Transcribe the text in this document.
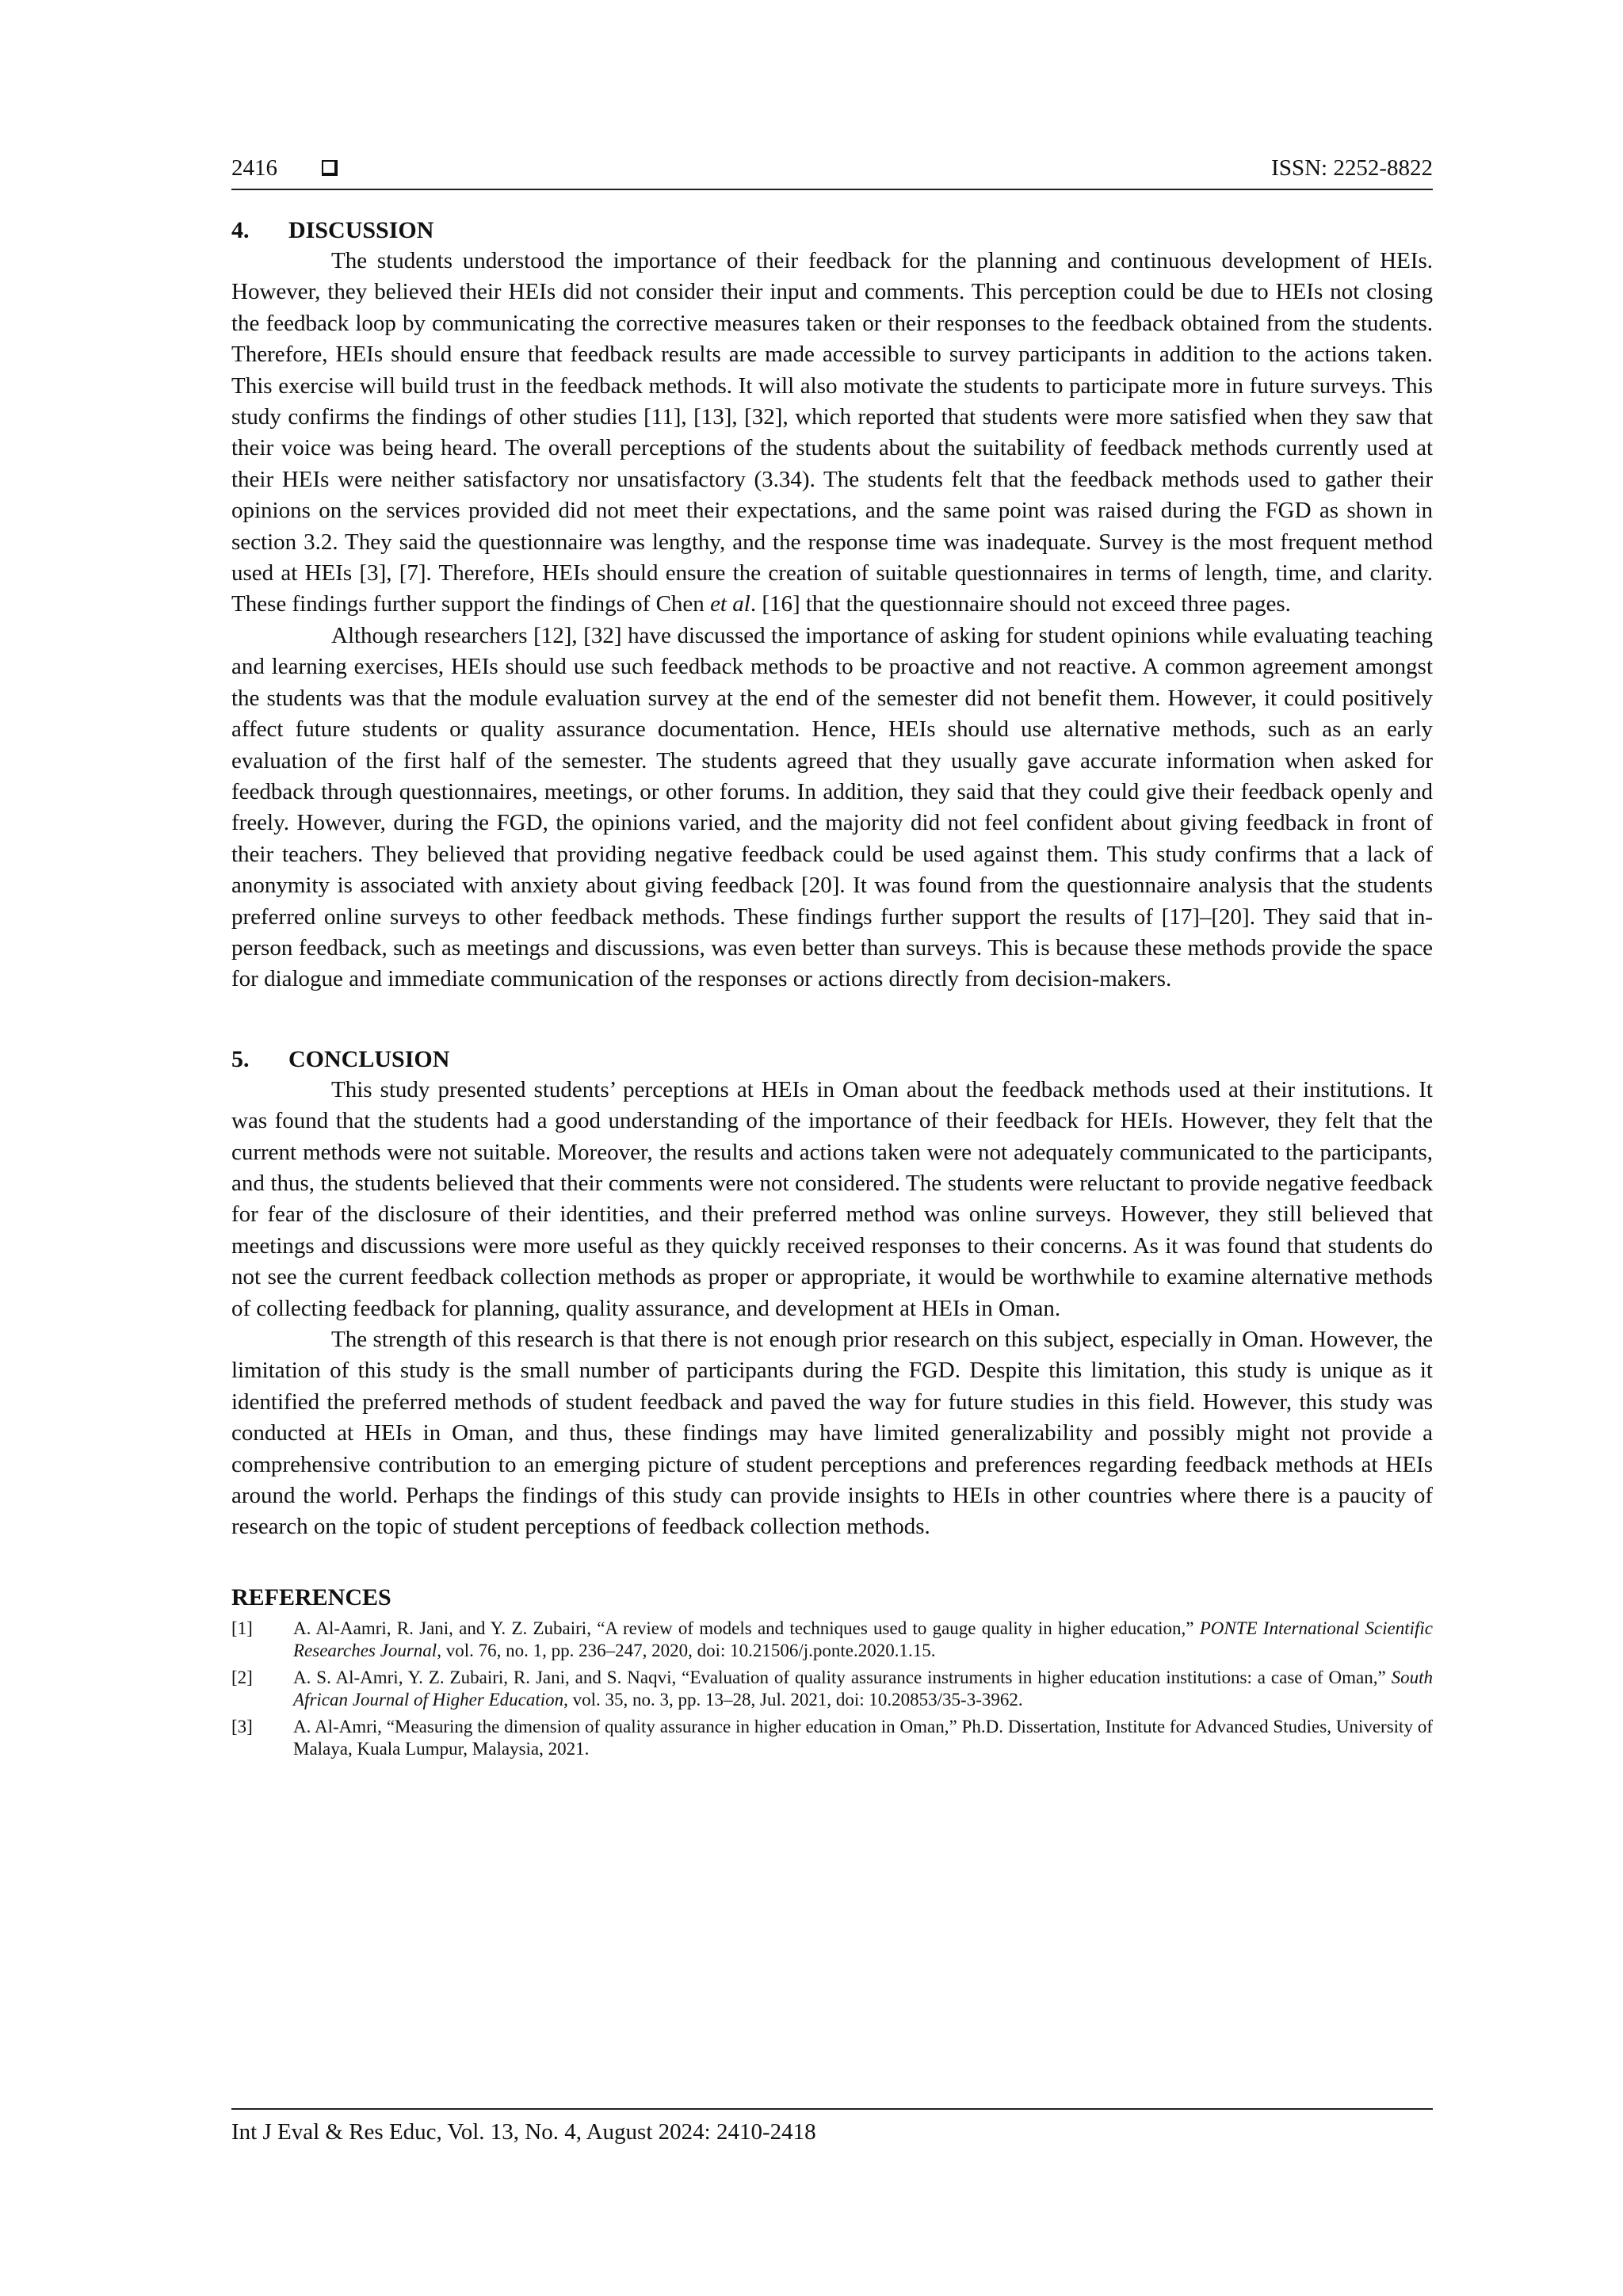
2416	ISSN: 2252-8822
4. DISCUSSION

The students understood the importance of their feedback for the planning and continuous development of HEIs. However, they believed their HEIs did not consider their input and comments. This perception could be due to HEIs not closing the feedback loop by communicating the corrective measures taken or their responses to the feedback obtained from the students. Therefore, HEIs should ensure that feedback results are made accessible to survey participants in addition to the actions taken. This exercise will build trust in the feedback methods. It will also motivate the students to participate more in future surveys. This study confirms the findings of other studies [11], [13], [32], which reported that students were more satisfied when they saw that their voice was being heard. The overall perceptions of the students about the suitability of feedback methods currently used at their HEIs were neither satisfactory nor unsatisfactory (3.34). The students felt that the feedback methods used to gather their opinions on the services provided did not meet their expectations, and the same point was raised during the FGD as shown in section 3.2. They said the questionnaire was lengthy, and the response time was inadequate. Survey is the most frequent method used at HEIs [3], [7]. Therefore, HEIs should ensure the creation of suitable questionnaires in terms of length, time, and clarity. These findings further support the findings of Chen et al. [16] that the questionnaire should not exceed three pages.

Although researchers [12], [32] have discussed the importance of asking for student opinions while evaluating teaching and learning exercises, HEIs should use such feedback methods to be proactive and not reactive. A common agreement amongst the students was that the module evaluation survey at the end of the semester did not benefit them. However, it could positively affect future students or quality assurance documentation. Hence, HEIs should use alternative methods, such as an early evaluation of the first half of the semester. The students agreed that they usually gave accurate information when asked for feedback through questionnaires, meetings, or other forums. In addition, they said that they could give their feedback openly and freely. However, during the FGD, the opinions varied, and the majority did not feel confident about giving feedback in front of their teachers. They believed that providing negative feedback could be used against them. This study confirms that a lack of anonymity is associated with anxiety about giving feedback [20]. It was found from the questionnaire analysis that the students preferred online surveys to other feedback methods. These findings further support the results of [17]–[20]. They said that in-person feedback, such as meetings and discussions, was even better than surveys. This is because these methods provide the space for dialogue and immediate communication of the responses or actions directly from decision-makers.

5. CONCLUSION

This study presented students’ perceptions at HEIs in Oman about the feedback methods used at their institutions. It was found that the students had a good understanding of the importance of their feedback for HEIs. However, they felt that the current methods were not suitable. Moreover, the results and actions taken were not adequately communicated to the participants, and thus, the students believed that their comments were not considered. The students were reluctant to provide negative feedback for fear of the disclosure of their identities, and their preferred method was online surveys. However, they still believed that meetings and discussions were more useful as they quickly received responses to their concerns. As it was found that students do not see the current feedback collection methods as proper or appropriate, it would be worthwhile to examine alternative methods of collecting feedback for planning, quality assurance, and development at HEIs in Oman.

The strength of this research is that there is not enough prior research on this subject, especially in Oman. However, the limitation of this study is the small number of participants during the FGD. Despite this limitation, this study is unique as it identified the preferred methods of student feedback and paved the way for future studies in this field. However, this study was conducted at HEIs in Oman, and thus, these findings may have limited generalizability and possibly might not provide a comprehensive contribution to an emerging picture of student perceptions and preferences regarding feedback methods at HEIs around the world. Perhaps the findings of this study can provide insights to HEIs in other countries where there is a paucity of research on the topic of student perceptions of feedback collection methods.

REFERENCES
[1]	A. Al-Aamri, R. Jani, and Y. Z. Zubairi, “A review of models and techniques used to gauge quality in higher education,” PONTE International Scientific Researches Journal, vol. 76, no. 1, pp. 236–247, 2020, doi: 10.21506/j.ponte.2020.1.15.
[2]	A. S. Al-Amri, Y. Z. Zubairi, R. Jani, and S. Naqvi, “Evaluation of quality assurance instruments in higher education institutions: a case of Oman,” South African Journal of Higher Education, vol. 35, no. 3, pp. 13–28, Jul. 2021, doi: 10.20853/35-3-3962.
[3]	A. Al-Amri, “Measuring the dimension of quality assurance in higher education in Oman,” Ph.D. Dissertation, Institute for Advanced Studies, University of Malaya, Kuala Lumpur, Malaysia, 2021.
Int J Eval & Res Educ, Vol. 13, No. 4, August 2024: 2410-2418
